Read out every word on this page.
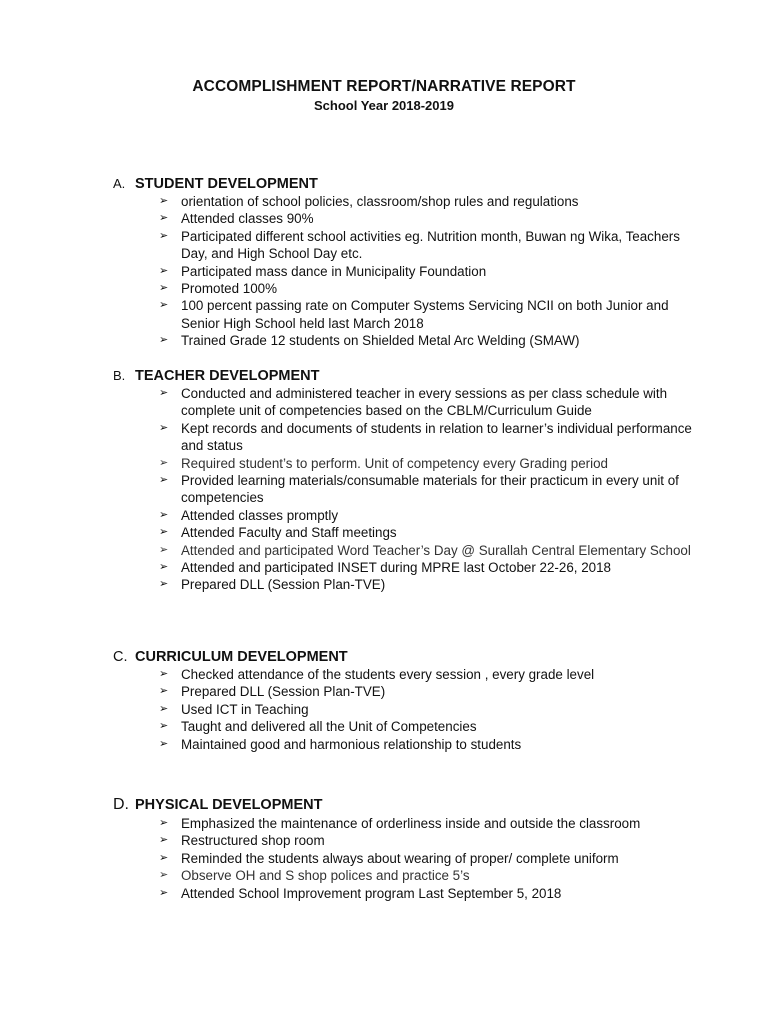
ACCOMPLISHMENT REPORT/NARRATIVE REPORT
School Year 2018-2019
A. STUDENT DEVELOPMENT
➢ orientation of school policies, classroom/shop rules and regulations
➢ Attended classes 90%
➢ Participated different school activities eg. Nutrition month, Buwan ng Wika, Teachers Day, and High School Day etc.
➢ Participated mass dance in Municipality Foundation
➢ Promoted 100%
➢ 100 percent passing rate on Computer Systems Servicing NCII on both Junior and Senior High School held last March 2018
➢ Trained Grade 12 students on Shielded Metal Arc Welding (SMAW)
B. TEACHER DEVELOPMENT
➢ Conducted and administered teacher in every sessions as per class schedule with complete unit of competencies based on the CBLM/Curriculum Guide
➢ Kept records and documents of students in relation to learner’s individual performance and status
➢ Required student’s to perform. Unit of competency every Grading period
➢ Provided learning materials/consumable materials for their practicum in every unit of competencies
➢ Attended classes promptly
➢ Attended Faculty and Staff meetings
➢ Attended and participated Word Teacher’s Day @ Surallah Central Elementary School
➢ Attended and participated INSET during MPRE last October 22-26, 2018
➢ Prepared DLL (Session Plan-TVE)
C. CURRICULUM DEVELOPMENT
➢ Checked attendance of the students every session , every grade level
➢ Prepared DLL (Session Plan-TVE)
➢ Used ICT in Teaching
➢ Taught and delivered all the Unit of Competencies
➢ Maintained good and harmonious relationship to students
D. PHYSICAL DEVELOPMENT
➢ Emphasized the maintenance of orderliness inside and outside the classroom
➢ Restructured shop room
➢ Reminded the students always about wearing of proper/ complete uniform
➢ Observe OH and S shop polices and practice 5’s
➢ Attended School Improvement program Last September 5, 2018
